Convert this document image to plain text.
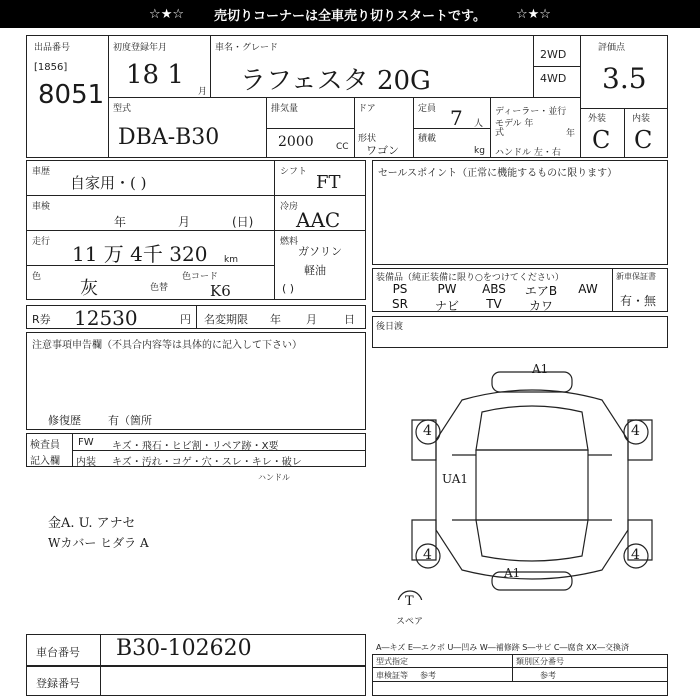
☆★☆ 売切りコーナーは全車売り切りスタートです。 ☆★☆
出品番号
[1856]
8051
初度登録年月
18 1
月
車名・グレード
ラフェスタ 20G
2WD
4WD
評価点
3.5
型式
DBA-B30
排気量
2000 CC
ドア
形状
ワゴン
定員 7 人
積載
kg
ディーラー・並行
モデル 年式	年
ハンドル 左・右
外装	内装
C C
車歴
自家用・( )
車検
年	月	(日)
走行 11 万 4千 320 km
色
灰	色替
色コード
K6
シフト FT
冷房
AAC
燃料
ガソリン
軽油
( )
セールスポイント（正常に機能するものに限ります）
装備品（純正装備に限り○をつけてください）	新車保証書
PS	PW	ABS	エアB	AW
SR	ナビ	TV	カワ	有・無
R券 12530	円 名変期限 年 月 日
後日渡
注意事項申告欄（不具合内容等は具体的に記入して下さい）
修復歴 有（箇所
検査員
記入欄
FW キズ・飛石・ヒビ割・リペア跡・X要
内装 キズ・汚れ・コゲ・穴・スレ・キレ・破レ
ハンドル
金A. U. アナセ
Wカバー ヒダラ A
A1
UA1
A1
4	4
4	4
T
スペア
車台番号 B30-102620
登録番号
A―キズ E―エクボ U―凹み W―補修跡 S―サビ C―腐食 XX―交換済
型式指定	類別区分番号
車検証等 参考	参考
